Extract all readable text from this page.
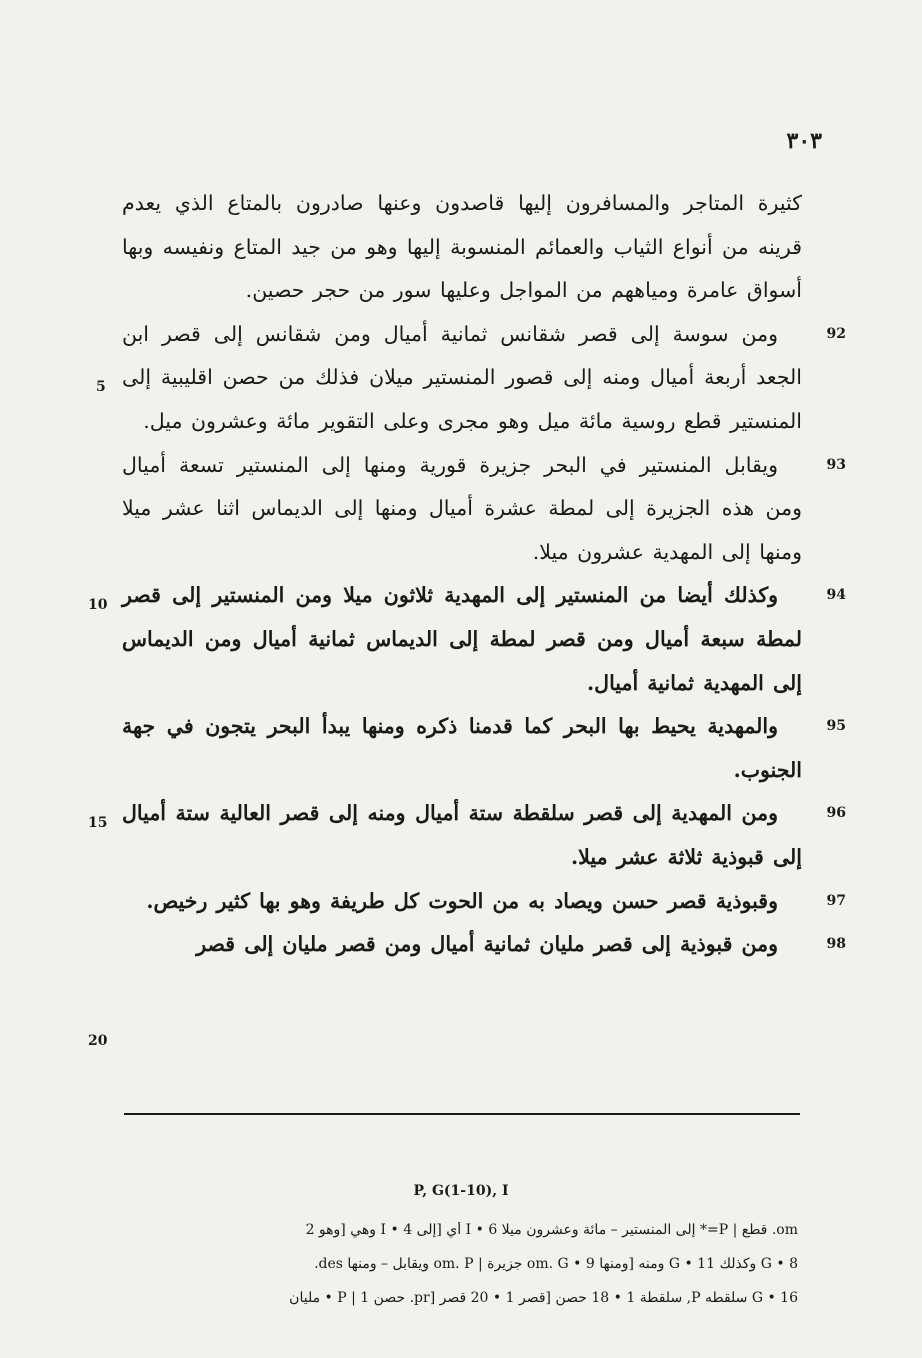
٣٠٣

كثيرة المتاجر والمسافرون إليها قاصدون وعنها صادرون بالمتاع الذي يعدم قرينه من أنواع الثياب والعمائم المنسوبة إليها وهو من جيد المتاع ونفيسه وبها أسواق عامرة ومياههم من المواجل وعليها سور من حجر حصين.

92
ومن سوسة إلى قصر شقانس ثمانية أميال ومن شقانس إلى قصر ابن الجعد أربعة أميال ومنه إلى قصور المنستير ميلان فذلك من حصن اقليبية إلى المنستير قطع روسية مائة ميل وهو مجرى وعلى التقوير مائة وعشرون ميل.

93
ويقابل المنستير في البحر جزيرة قورية ومنها إلى المنستير تسعة أميال ومن هذه الجزيرة إلى لمطة عشرة أميال ومنها إلى الديماس اثنا عشر ميلا ومنها إلى المهدية عشرون ميلا.

94
وكذلك أيضا من المنستير إلى المهدية ثلاثون ميلا ومن المنستير إلى قصر لمطة سبعة أميال ومن قصر لمطة إلى الديماس ثمانية أميال ومن الديماس إلى المهدية ثمانية أميال.

95
والمهدية يحيط بها البحر كما قدمنا ذكره ومنها يبدأ البحر يتجون في جهة الجنوب.

96
ومن المهدية إلى قصر سلقطة ستة أميال ومنه إلى قصر العالية ستة أميال إلى قبوذية ثلاثة عشر ميلا.

97
وقبوذية قصر حسن ويصاد به من الحوت كل طريفة وهو بها كثير رخيص.

98
ومن قبوذية إلى قصر مليان ثمانية أميال ومن قصر مليان إلى قصر

5
10
15
20
P, G(1-10), I
om. قطع | P=* إلى المنستير – مائة وعشرون ميلا 6 • I أي [إلى 4 • I وهي [وهو 2
G • 8 وكذلك 11 • G ومنه [ومنها 9 • om. G جزيرة | om. P ويقابل – ومنها des.
G • 16 سلقطه P, سلقطة 1 • 18 حصن [قصر 1 • 20 قصر [pr. حصن 1 | P • مليان
